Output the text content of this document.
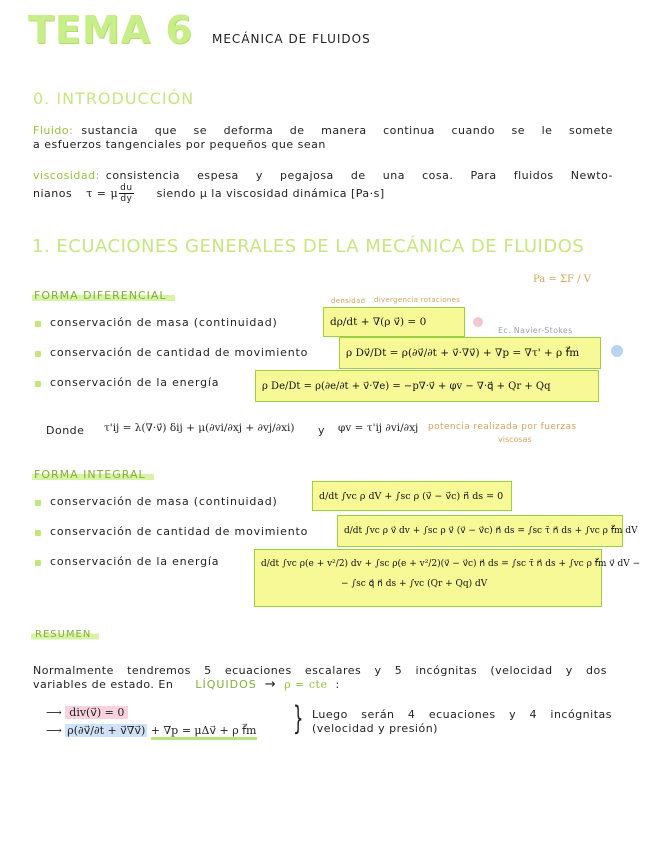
TEMA 6 MECÁNICA DE FLUIDOS
0. INTRODUCCIÓN
Fluido: sustancia que se deforma de manera continua cuando se le somete
a esfuerzos tangenciales por pequeños que sean
viscosidad: consistencia espesa y pegajosa de una cosa. Para fluidos Newto-
nianos τ = μ $\frac{du}{dy}$ siendo μ la viscosidad dinámica [Pa·s]
1. ECUACIONES GENERALES DE LA MECÁNICA DE FLUIDOS
FORMA DIFERENCIAL	densidad divergencia rotaciones
Ec. Navier-Stokes
Pa = ΣF / V
conservación de masa (continuidad)	dρ/dt + ∇(ρ v⃗) = 0
conservación de cantidad de movimiento	ρ Dv⃗/Dt = ρ(∂v⃗/∂t + v⃗·∇v⃗) + ∇p = ∇τ' + ρ f⃗m
conservación de la energía	ρ De/Dt = ρ(∂e/∂t + v⃗·∇e) = −p∇·v⃗ + φv − ∇·q⃗ + Qr + Qq
Donde τ'ij = λ(∇·v⃗) δij + μ(∂vi/∂xj + ∂vj/∂xi) y φv = τ'ij ∂vi/∂xj potencia realizada por fuerzas
viscosas
FORMA INTEGRAL
conservación de masa (continuidad)	d/dt ∫vc ρ dV + ∫sc ρ (v⃗ − v⃗c) n⃗ ds = 0
conservación de cantidad de movimiento	d/dt ∫vc ρ v⃗ dv + ∫sc ρ v⃗ (v⃗ − v⃗c) n⃗ ds = ∫sc τ̄ n⃗ ds + ∫vc ρ f⃗m dV
conservación de la energía	d/dt ∫vc ρ(e + v²/2) dv + ∫sc ρ(e + v²/2)(v⃗ − v⃗c) n⃗ ds = ∫sc τ̄ n⃗ ds + ∫vc ρ f⃗m v⃗ dV −
− ∫sc q⃗ n⃗ ds + ∫vc (Qr + Qq) dV
RESUMEN
Normalmente tendremos 5 ecuaciones escalares y 5 incógnitas (velocidad y dos
variables de estado. En LÍQUIDOS → ρ = cte :
⟶ div(v⃗) = 0
⟶ ρ(∂v⃗/∂t + v⃗∇v⃗) + ∇p = μΔv⃗ + ρ f⃗m } Luego serán 4 ecuaciones y 4 incógnitas
(velocidad y presión)
